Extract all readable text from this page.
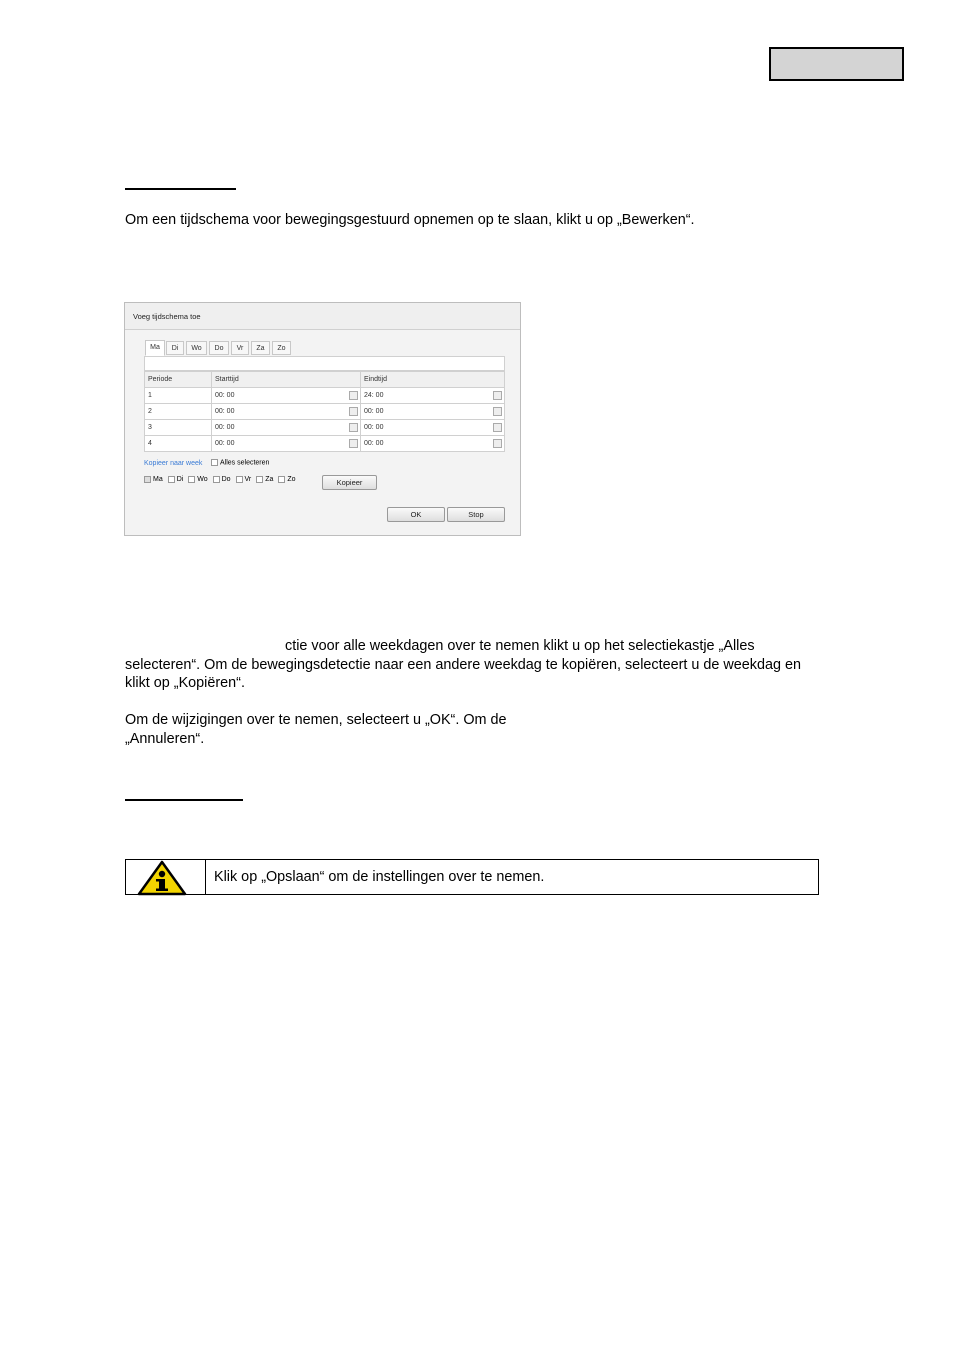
Om een tijdschema voor bewegingsgestuurd opnemen op te slaan, klikt u op „Bewerken“.
Voeg tijdschema toe
Ma	Di	Wo	Do	Vr	Za	Zo
Periode	Starttijd	Eindtijd
1	00: 00	24: 00

2	00: 00	00: 00

3	00: 00	00: 00

4	00: 00	00: 00
Kopieer naar week	Alles selecteren
Ma Di Wo Do Vr Za Zo	Kopieer
OK	Stop
ctie voor alle weekdagen over te nemen klikt u op het selectiekastje „Alles
selecteren“. Om de bewegingsdetectie naar een andere weekdag te kopiëren, selecteert u de weekdag en
klikt op „Kopiëren“.
Om de wijzigingen over te nemen, selecteert u „OK“. Om de
„Annuleren“.
Klik op „Opslaan“ om de instellingen over te nemen.
